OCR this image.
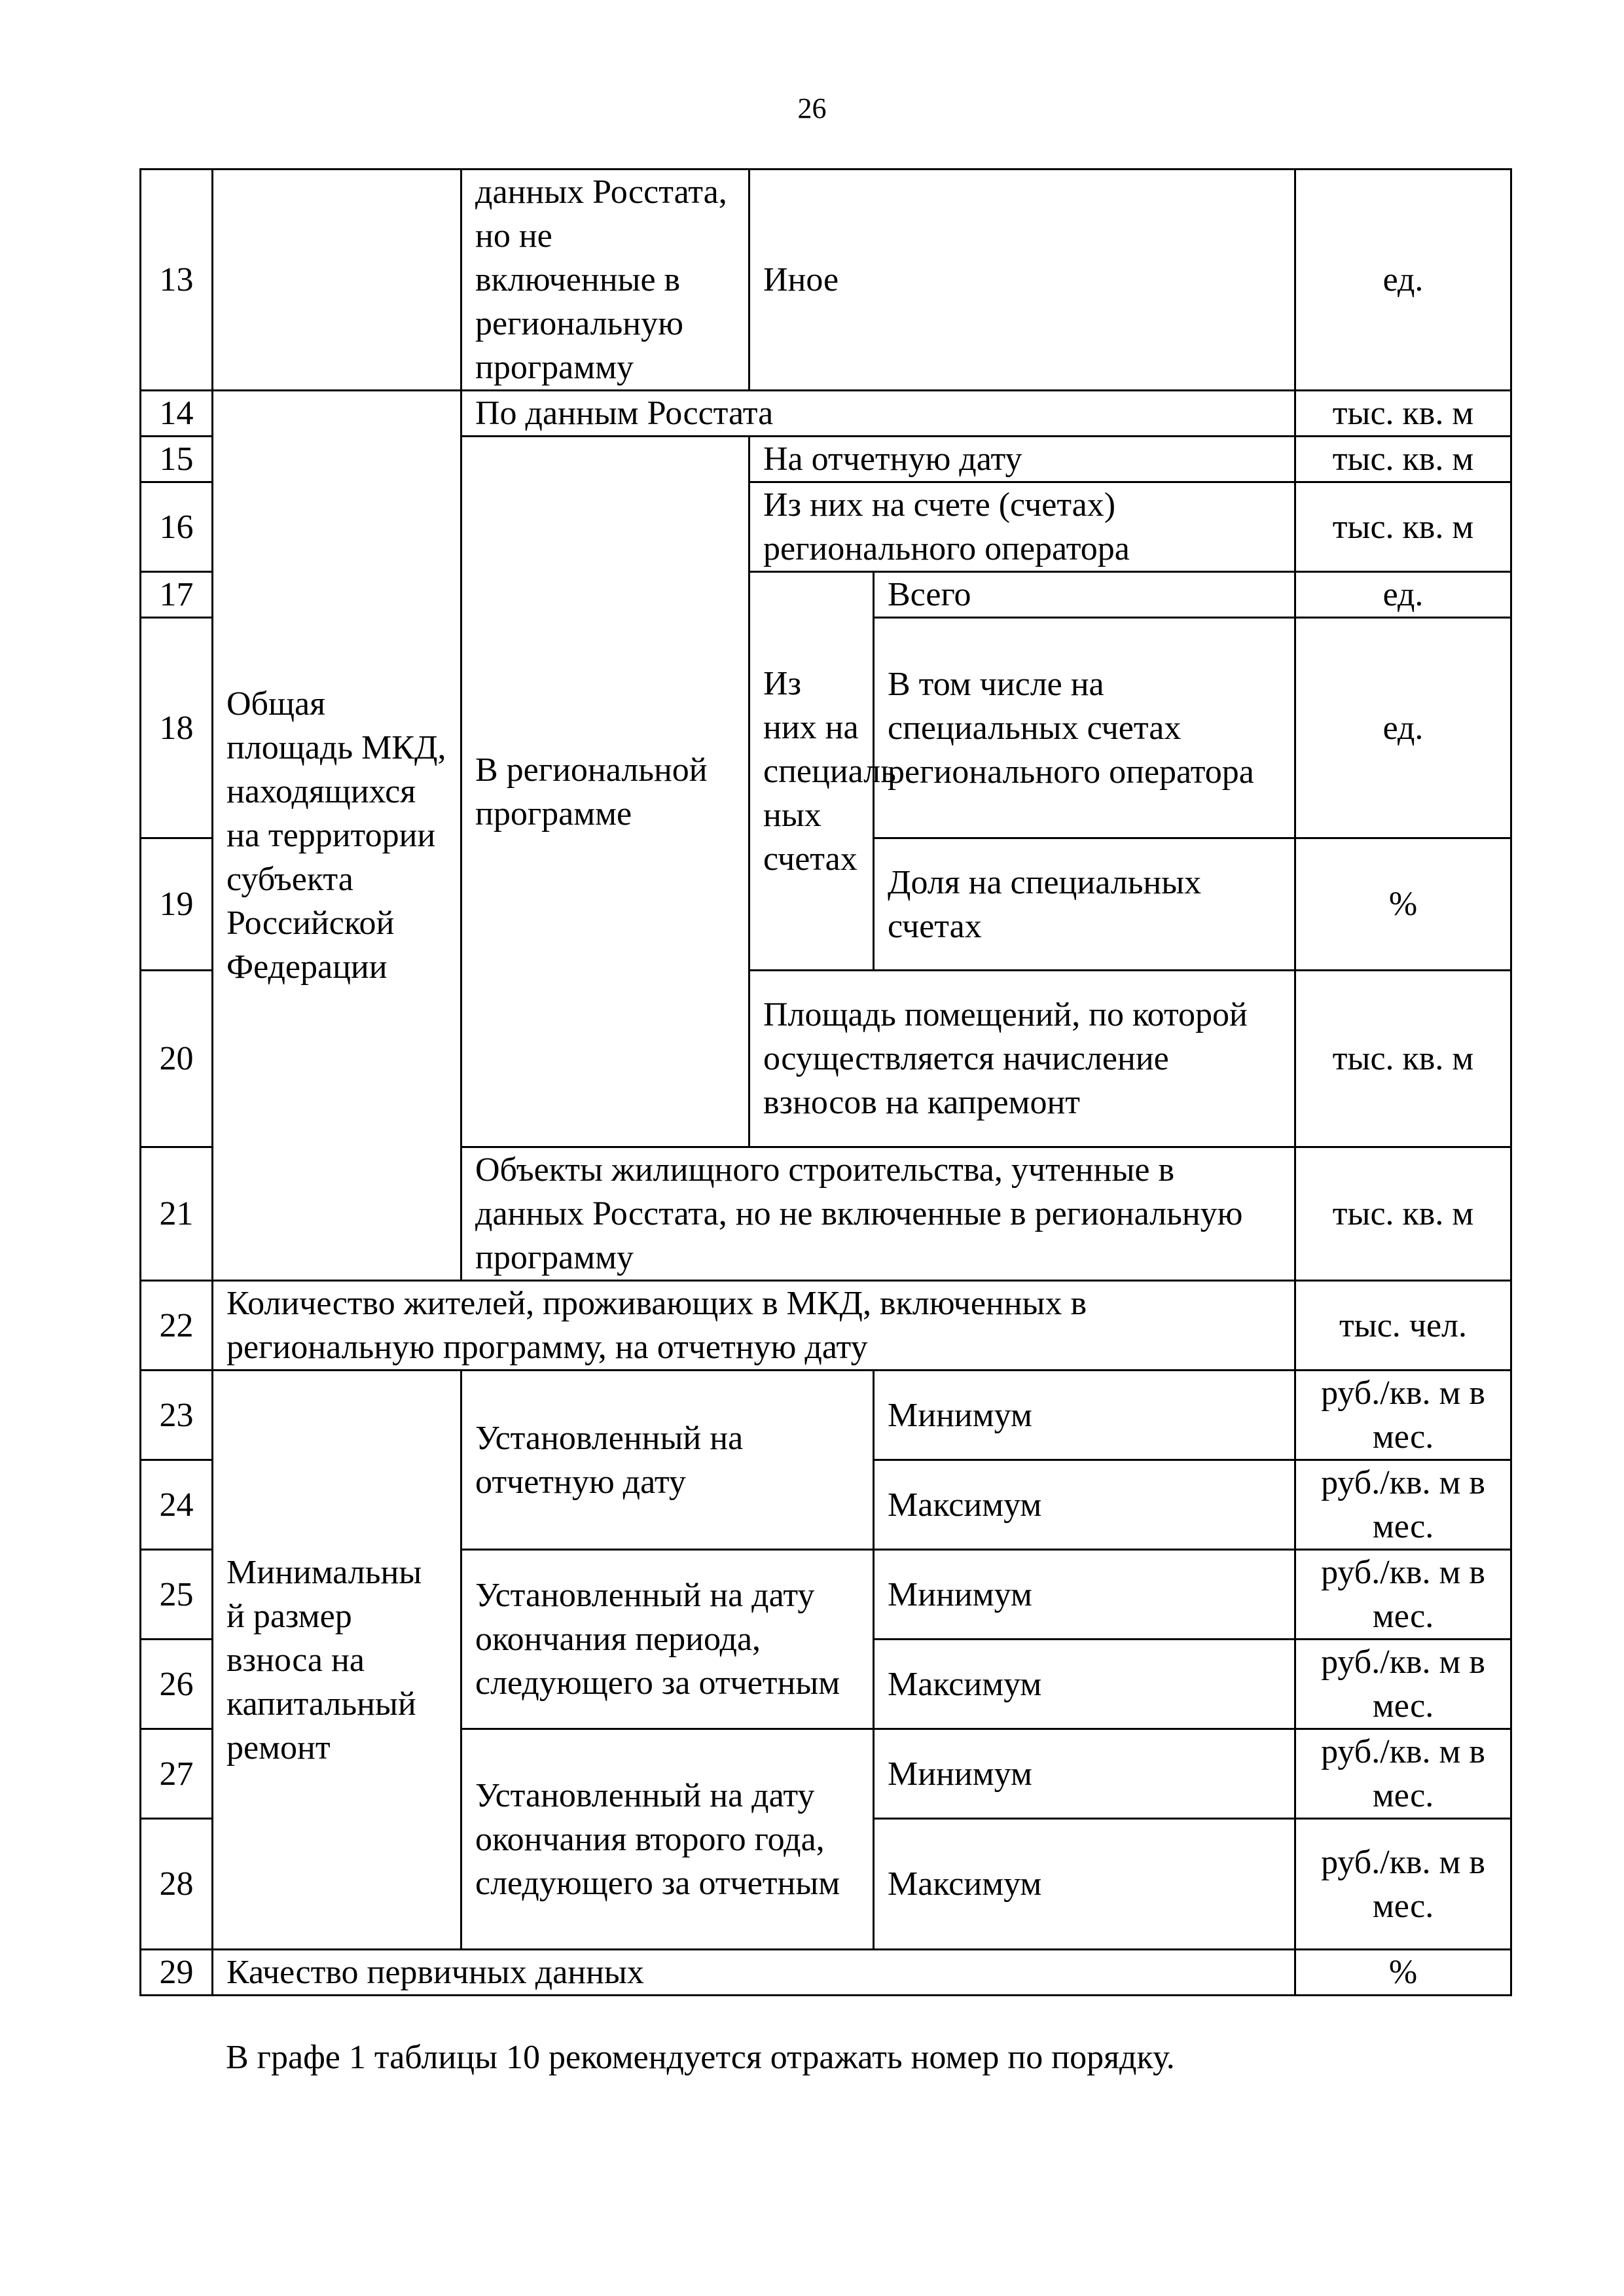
26
13		данных Росстата, но не включенные в региональную программу	Иное		ед.
14	Общая площадь МКД, находящихся на территории субъекта Российской Федерации	По данным Росстата			тыс. кв. м
15		В региональной программе	На отчетную дату		тыс. кв. м
16			Из них на счете (счетах) регионального оператора		тыс. кв. м
17			Из них на специаль ных счетах	Всего	ед.
18				В том числе на специальных счетах регионального оператора	ед.
19				Доля на специальных счетах	%
20			Площадь помещений, по которой осуществляется начисление взносов на капремонт		тыс. кв. м
21		Объекты жилищного строительства, учтенные в данных Росстата, но не включенные в региональную программу			тыс. кв. м
22	Количество жителей, проживающих в МКД, включенных в региональную программу, на отчетную дату				тыс. чел.
23	Минимальны й размер взноса на капитальный ремонт	Установленный на отчетную дату		Минимум	руб./кв. м в мес.
24				Максимум	руб./кв. м в мес.
25		Установленный на дату окончания периода, следующего за отчетным		Минимум	руб./кв. м в мес.
26				Максимум	руб./кв. м в мес.
27		Установленный на дату окончания второго года, следующего за отчетным		Минимум	руб./кв. м в мес.
28				Максимум	руб./кв. м в мес.
29	Качество первичных данных				%
В графе 1 таблицы 10 рекомендуется отражать номер по порядку.
